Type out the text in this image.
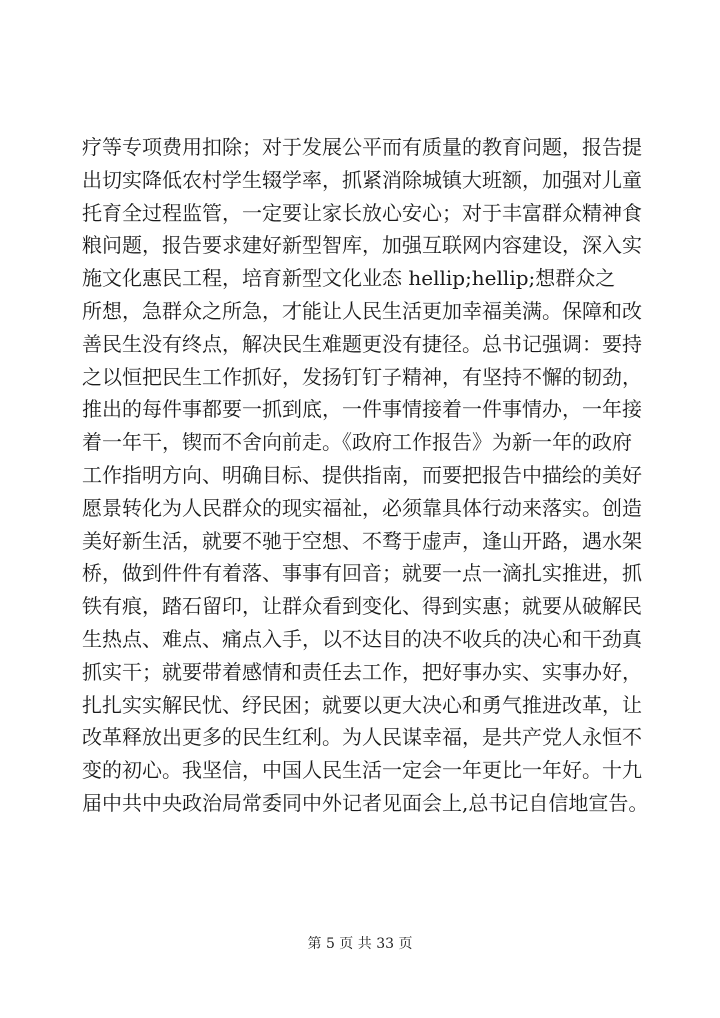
疗等专项费用扣除；对于发展公平而有质量的教育问题，报告提
出切实降低农村学生辍学率，抓紧消除城镇大班额，加强对儿童
托育全过程监管，一定要让家长放心安心；对于丰富群众精神食
粮问题，报告要求建好新型智库，加强互联网内容建设，深入实
施文化惠民工程，培育新型文化业态 hellip;hellip;想群众之
所想，急群众之所急，才能让人民生活更加幸福美满。保障和改
善民生没有终点，解决民生难题更没有捷径。总书记强调：要持
之以恒把民生工作抓好，发扬钉钉子精神，有坚持不懈的韧劲，
推出的每件事都要一抓到底，一件事情接着一件事情办，一年接
着一年干，锲而不舍向前走。《政府工作报告》为新一年的政府
工作指明方向、明确目标、提供指南，而要把报告中描绘的美好
愿景转化为人民群众的现实福祉，必须靠具体行动来落实。创造
美好新生活，就要不驰于空想、不骛于虚声，逢山开路，遇水架
桥，做到件件有着落、事事有回音；就要一点一滴扎实推进，抓
铁有痕，踏石留印，让群众看到变化、得到实惠；就要从破解民
生热点、难点、痛点入手，以不达目的决不收兵的决心和干劲真
抓实干；就要带着感情和责任去工作，把好事办实、实事办好，
扎扎实实解民忧、纾民困；就要以更大决心和勇气推进改革，让
改革释放出更多的民生红利。为人民谋幸福，是共产党人永恒不
变的初心。我坚信，中国人民生活一定会一年更比一年好。十九
届中共中央政治局常委同中外记者见面会上,总书记自信地宣告。
第 5 页 共 33 页
